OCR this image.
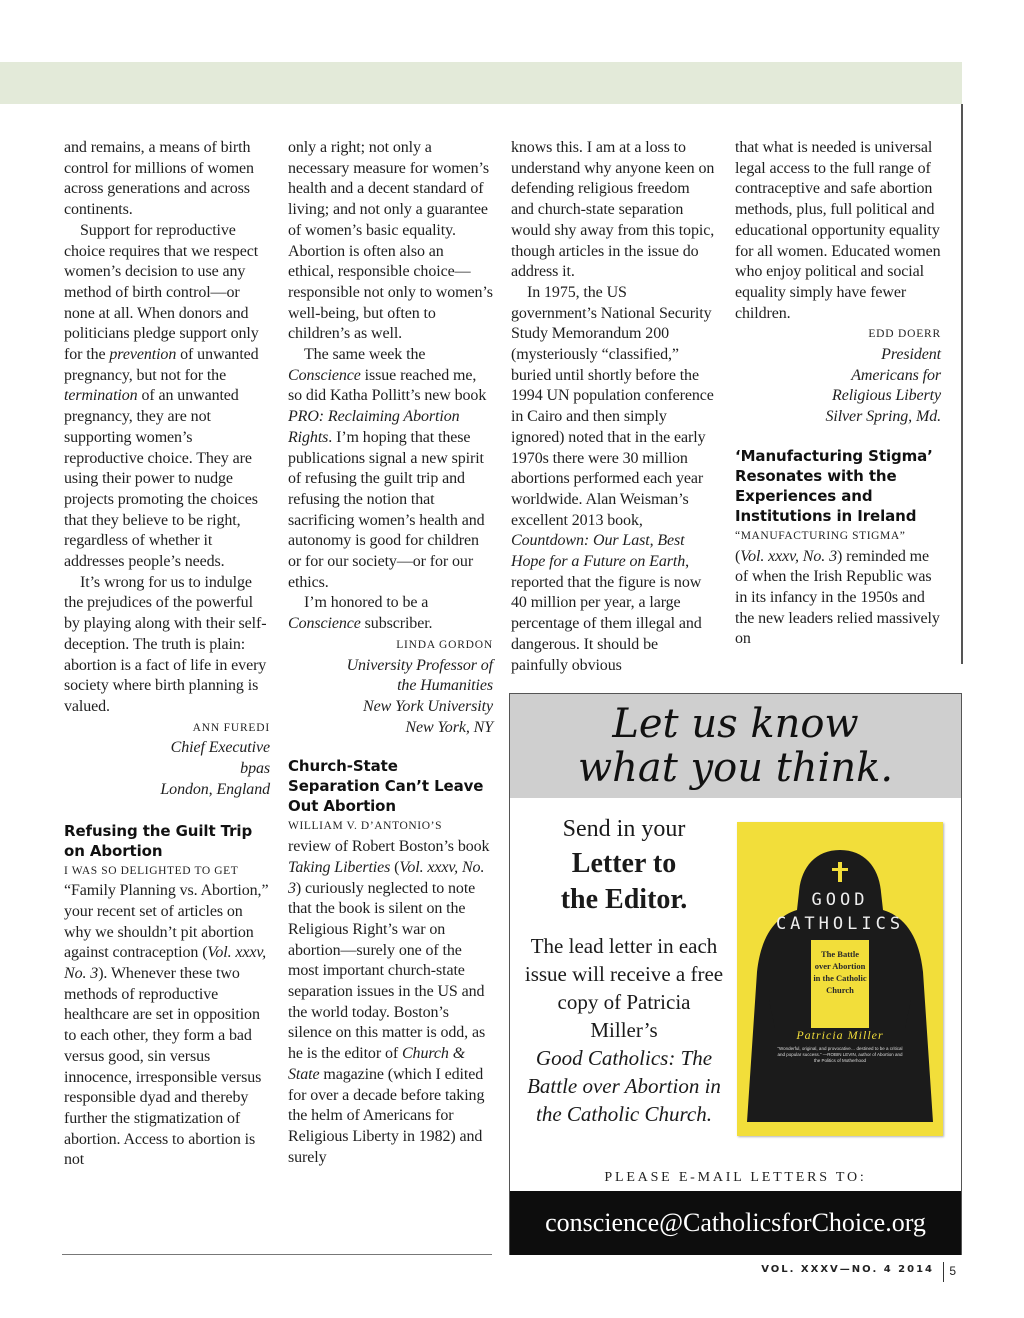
and remains, a means of birth control for millions of women across generations and across continents.

Support for reproductive choice requires that we respect women’s decision to use any method of birth control—or none at all. When donors and politicians pledge support only for the prevention of unwanted pregnancy, but not for the termination of an unwanted pregnancy, they are not supporting women’s reproductive choice. They are using their power to nudge projects promoting the choices that they believe to be right, regardless of whether it addresses people’s needs.

It’s wrong for us to indulge the prejudices of the powerful by playing along with their self-deception. The truth is plain: abortion is a fact of life in every society where birth planning is valued.

ANN FUREDI
Chief Executive
bpas
London, England

Refusing the Guilt Trip on Abortion

I WAS SO DELIGHTED TO GET

“Family Planning vs. Abortion,” your recent set of articles on why we shouldn’t pit abortion against contraception (Vol. xxxv, No. 3). Whenever these two methods of reproductive healthcare are set in opposition to each other, they form a bad versus good, sin versus innocence, irresponsible versus responsible dyad and thereby further the stigmatization of abortion. Access to abortion is not

only a right; not only a necessary measure for women’s health and a decent standard of living; and not only a guarantee of women’s basic equality. Abortion is often also an ethical, responsible choice—responsible not only to women’s well-being, but often to children’s as well.

The same week the Conscience issue reached me, so did Katha Pollitt’s new book PRO: Reclaiming Abortion Rights. I’m hoping that these publications signal a new spirit of refusing the guilt trip and refusing the notion that sacrificing women’s health and autonomy is good for children or for our society—or for our ethics.

I’m honored to be a Conscience subscriber.

LINDA GORDON
University Professor of
the Humanities
New York University
New York, NY

Church-State Separation Can’t Leave Out Abortion

WILLIAM V. D’ANTONIO’S

review of Robert Boston’s book Taking Liberties (Vol. xxxv, No. 3) curiously neglected to note that the book is silent on the Religious Right’s war on abortion—surely one of the most important church-state separation issues in the US and the world today. Boston’s silence on this matter is odd, as he is the editor of Church & State magazine (which I edited for over a decade before taking the helm of Americans for Religious Liberty in 1982) and surely

knows this. I am at a loss to understand why anyone keen on defending religious freedom and church-state separation would shy away from this topic, though articles in the issue do address it.

In 1975, the US government’s National Security Study Memorandum 200 (mysteriously “classified,” buried until shortly before the 1994 UN population conference in Cairo and then simply ignored) noted that in the early 1970s there were 30 million abortions performed each year worldwide. Alan Weisman’s excellent 2013 book, Countdown: Our Last, Best Hope for a Future on Earth, reported that the figure is now 40 million per year, a large percentage of them illegal and dangerous. It should be painfully obvious

that what is needed is universal legal access to the full range of contraceptive and safe abortion methods, plus, full political and educational opportunity equality for all women. Educated women who enjoy political and social equality simply have fewer children.

EDD DOERR
President
Americans for
Religious Liberty
Silver Spring, Md.

‘Manufacturing Stigma’ Resonates with the Experiences and Institutions in Ireland

“MANUFACTURING STIGMA”

(Vol. xxxv, No. 3) reminded me of when the Irish Republic was in its infancy in the 1950s and the new leaders relied massively on

Let us know
what you think.
Send in your
Letter to
the Editor.
The lead letter in each issue will receive a free copy of Patricia Miller’s
Good Catholics: The Battle over Abortion in the Catholic Church.
GOOD
CATHOLICS
The Battle over Abortion in the Catholic Church
Patricia Miller
“Wonderful, original, and provocative… destined to be a critical and popular success.” —ROBIN LEVIN, author of Abortion and the Politics of Motherhood
PLEASE E-MAIL LETTERS TO:
conscience@CatholicsforChoice.org
VOL. XXXV—NO. 4 2014 5
